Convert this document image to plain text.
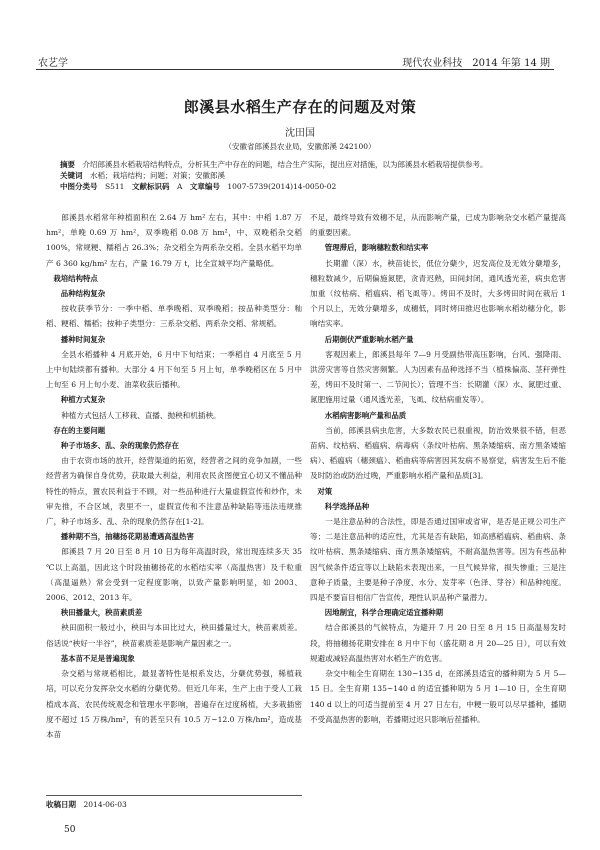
农艺学	现代农业科技　2014 年第 14 期
郎溪县水稻生产存在的问题及对策
沈田国
（安徽省郎溪县农业局，安徽郎溪 242100）
摘要　 介绍郎溪县水稻栽培结构特点，分析其生产中存在的问题，结合生产实际，提出应对措施，以为郎溪县水稻栽培提供参考。
关键词　 水稻；栽培结构；问题；对策；安徽郎溪
中图分类号　 S511　 文献标识码　 A　 文章编号　 1007-5739(2014)14-0050-02

郎溪县水稻常年种植面积在 2.64 万 hm² 左右，其中：中稻 1.87 万 hm²，单晚 0.69 万 hm²，双季晚稻 0.08 万 hm²，中、双晚稻杂交稻 100%，常规粳、糯稻占 26.3%；杂交稻全为两系杂交稻。全县水稻平均单产 6 360 kg/hm² 左右，产量 16.79 万 t，比全宣城平均产量略低。

栽培结构特点

品种结构复杂

按收获季节分：一季中稻、单季晚稻、双季晚稻；按品种类型分：籼稻、粳稻、糯稻；按种子类型分：三系杂交稻、两系杂交稻、常规稻。

播种时间复杂

全县水稻播种 4 月底开始，6 月中下旬结束；一季稻自 4 月底至 5 月上中旬陆续都有播种。大部分 4 月下旬至 5 月上旬，单季晚稻区在 5 月中上旬至 6 月上旬小麦、油菜收获后播种。

种植方式复杂

种植方式包括人工移栽、直播、抛秧和机插秧。

存在的主要问题

种子市场多、乱、杂的现象仍然存在

由于农资市场的放开，经营渠道的拓宽，经营者之间的竞争加剧，一些经营者为确保自身优势，获取最大利益，利用农民贪图便宜心切又不懂品种特性的特点，置农民利益于不顾，对一些品种进行大量虚假宣传和炒作，未审先推，不合区域，表里不一，虚假宣传和不注意品种缺陷等违法违规推广，种子市场多、乱、杂的现象仍然存在[1-2]。

播种期不当，抽穗扬花期易遭遇高温热害

郎溪县 7 月 20 日至 8 月 10 日为每年高温时段，常出现连续多天 35 ℃以上高温，因此这个时段抽穗扬花的水稻结实率（高温热害）及千粒重（高温逼熟）常会受到一定程度影响，以致产量影响明显，如 2003、2006、2012、2013 年。

秧田播量大，秧苗素质差

秧田面积一般过小，秧田与本田比过大，秧田播量过大，秧苗素质差。俗话说“秧好一半谷”，秧苗素质差是影响产量因素之一。

基本苗不足是普遍现象

杂交稻与常规稻相比，最显著特性是根系发达，分蘖优势强，稀植栽培，可以充分发挥杂交水稻的分蘖优势。但近几年来，生产上由于受人工栽植成本高、农民传统观念和管理水平影响，普遍存在过度稀植，大多栽插密度不超过 15 万株/hm²，有的甚至只有 10.5 万~12.0 万株/hm²，造成基本苗

不足，最终导致有效穗不足，从而影响产量，已成为影响杂交水稻产量提高的重要因素。

管理滞后，影响穗粒数和结实率

长期灌（深）水，秧苗徒长，低位分蘖少，迟发高位及无效分蘖增多，穗粒数减少，后期偏施氮肥，贪青迟熟，田间封闭，通风透光差，病虫危害加重（纹枯病、稻瘟病、稻飞虱等）。烤田不及时，大多烤田时间在栽后 1 个月以上，无效分蘖增多，成穗低，同时烤田推迟也影响水稻幼穗分化，影响结实率。

后期倒伏严重影响水稻产量

客观因素上，郎溪县每年 7—9 月受副热带高压影响，台风、强降雨、洪涝灾害等自然灾害频繁。人为因素有品种选择不当（植株偏高、茎秆弹性差，烤田不及时第一、二节间长）；管理不当：长期灌（深）水、氮肥过重、氮肥施用过量（通风透光差，飞虱、纹枯病重发等）。

水稻病害影响产量和品质

当前，郎溪县病虫危害，大多数农民已很重视，防治效果很不错，但恶苗病、纹枯病、稻瘟病、病毒病（条纹叶枯病、黑条矮缩病、南方黑条矮缩病）、稻瘟病（穗颈瘟）、稻曲病等病害因其发病不易察觉，病害发生后不能及时防治或防治过晚，严重影响水稻产量和品质[3]。

对策

科学选择品种

一是注意品种的合法性，即是否通过国审或省审，是否是正规公司生产等；二是注意品种的适应性，尤其是否有缺陷，如高感稻瘟病、稻曲病、条纹叶枯病、黑条矮缩病、南方黑条矮缩病，不耐高温热害等。因为有些品种因气候条件适宜等以上缺陷未表现出来，一旦气候异常，损失惨重；三是注意种子质量，主要是种子净度、水分、发芽率（色泽、芽谷）和品种纯度。四是不要盲目相信广告宣传，理性认识品种产量潜力。

因地制宜，科学合理确定适宜播种期

结合郎溪县的气候特点，为避开 7 月 20 日至 8 月 15 日高温易发时段，将抽穗扬花期安排在 8 月中下旬（盛花期 8 月 20—25 日），可以有效规避或减轻高温热害对水稻生产的危害。

杂交中籼全生育期在 130~135 d，在郎溪县适宜的播种期为 5 月 5—15 日。全生育期 135~140 d 的适宜播种期为 5 月 1—10 日，全生育期 140 d 以上的可适当提前至 4 月 27 日左右，中粳一般可以尽早播种，播期不受高温热害的影响，若播期过迟只影响后茬播种。

收稿日期　 2014-06-03
50
